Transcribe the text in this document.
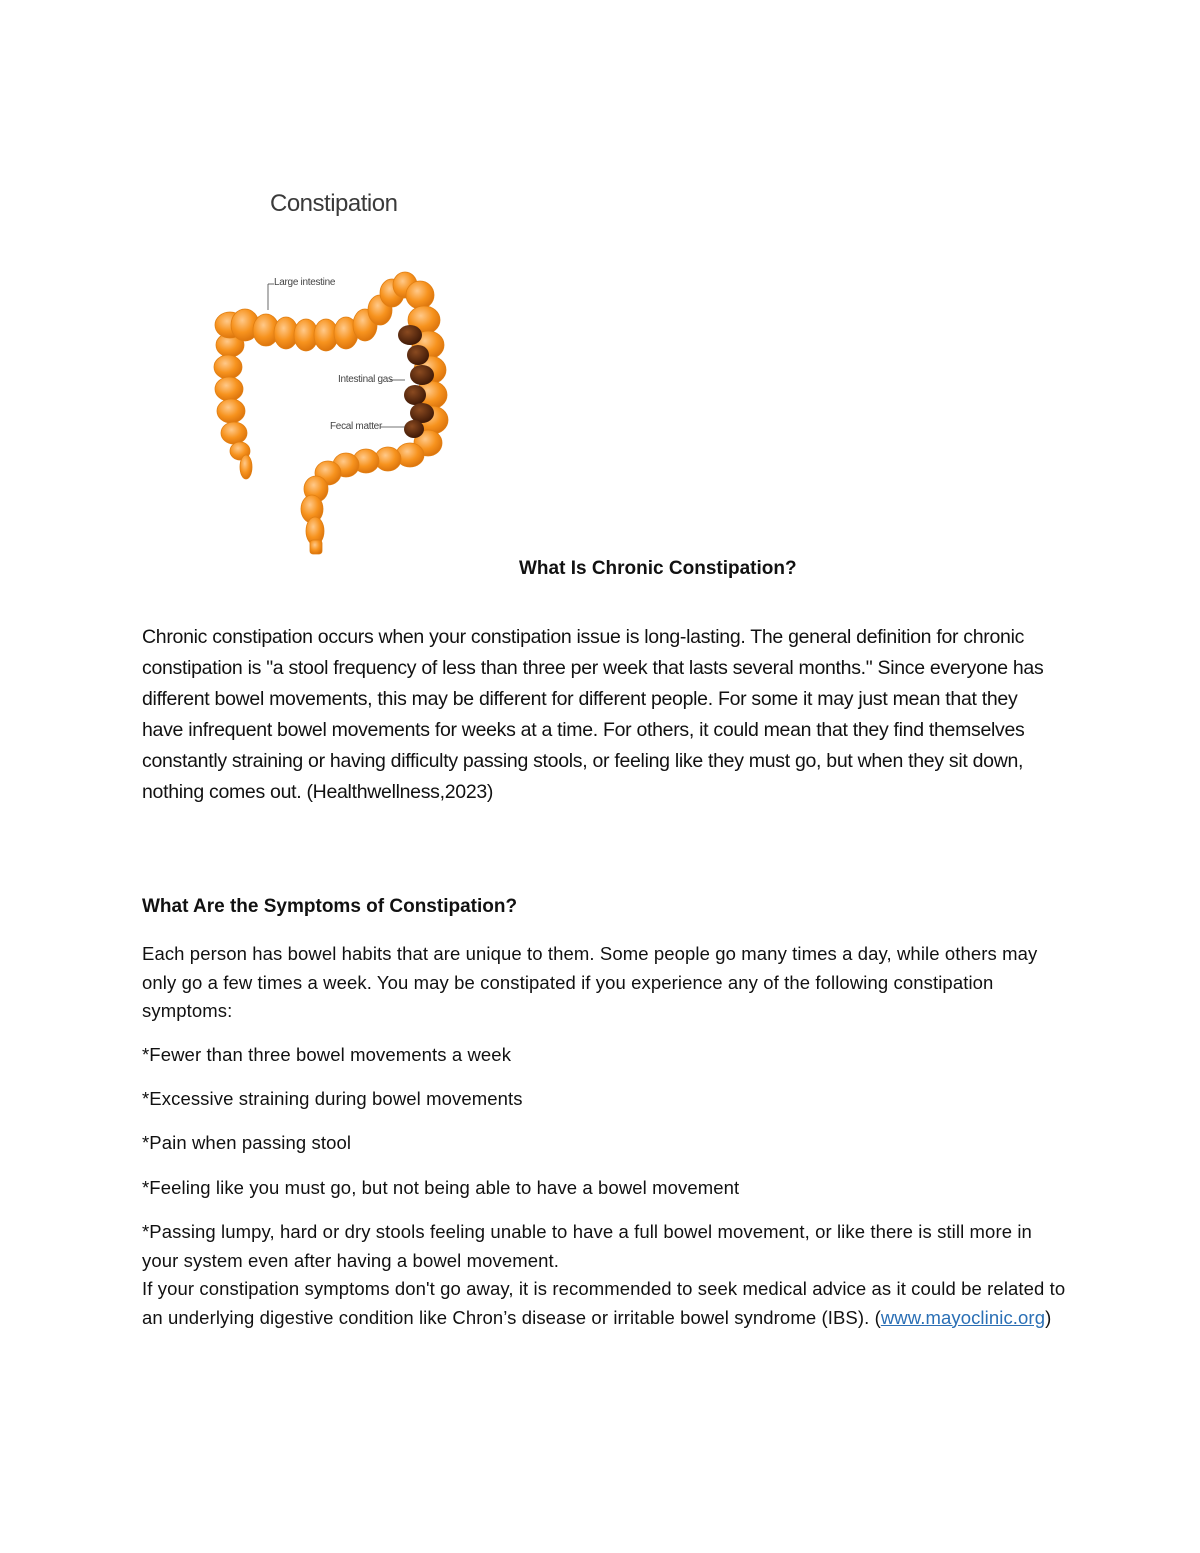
Constipation
Large intestine
Intestinal gas
Fecal matter
What Is Chronic Constipation?

Chronic constipation occurs when your constipation issue is long-lasting. The general definition for chronic constipation is "a stool frequency of less than three per week that lasts several months." Since everyone has different bowel movements, this may be different for different people. For some it may just mean that they have infrequent bowel movements for weeks at a time. For others, it could mean that they find themselves constantly straining or having difficulty passing stools, or feeling like they must go, but when they sit down, nothing comes out. (Healthwellness,2023)

What Are the Symptoms of Constipation?

Each person has bowel habits that are unique to them. Some people go many times a day, while others may only go a few times a week. You may be constipated if you experience any of the following constipation symptoms:

*Fewer than three bowel movements a week

*Excessive straining during bowel movements

*Pain when passing stool

*Feeling like you must go, but not being able to have a bowel movement

*Passing lumpy, hard or dry stools feeling unable to have a full bowel movement, or like there is still more in your system even after having a bowel movement.
If your constipation symptoms don't go away, it is recommended to seek medical advice as it could be related to an underlying digestive condition like Chron’s disease or irritable bowel syndrome (IBS). (www.mayoclinic.org)
